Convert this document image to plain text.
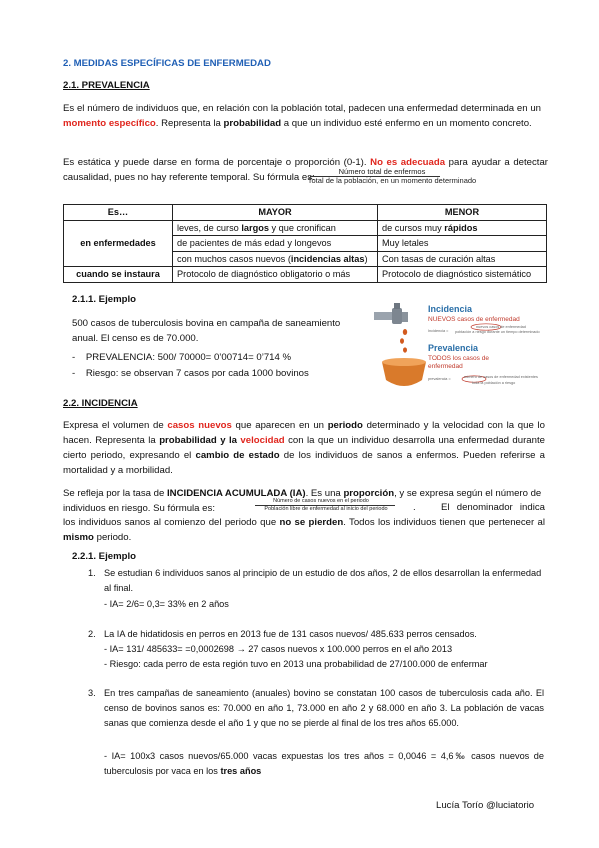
2. MEDIDAS ESPECÍFICAS DE ENFERMEDAD
2.1. PREVALENCIA
Es el número de individuos que, en relación con la población total, padecen una enfermedad determinada en un momento específico. Representa la probabilidad a que un individuo esté enfermo en un momento concreto.
Es estática y puede darse en forma de porcentaje o proporción (0-1). No es adecuada para ayudar a detectar causalidad, pues no hay referente temporal. Su fórmula es:
Número total de enfermos
Total de la población, en un momento determinado
Es…	MAYOR	MENOR
en enfermedades	leves, de curso largos y que cronifican	de cursos muy rápidos
	de pacientes de más edad y longevos	Muy letales
	con muchos casos nuevos (incidencias altas)	Con tasas de curación altas
cuando se instaura	Protocolo de diagnóstico obligatorio o más	Protocolo de diagnóstico sistemático
2.1.1. Ejemplo
500 casos de tuberculosis bovina en campaña de saneamiento anual. El censo es de 70.000.
-    PREVALENCIA: 500/ 70000= 0’00714= 0’714 %
-    Riesgo: se observan 7 casos por cada 1000 bovinos
Incidencia
NUEVOS casos de enfermedad
Incidencia =
nuevos casos de enfermedad
población a riesgo durante un tiempo determinado
Prevalencia
TODOS los casos de
enfermedad
prevalencia =	número de casos de enfermedad existentes
toda la población a riesgo
2.2. INCIDENCIA
Expresa el volumen de casos nuevos que aparecen en un periodo determinado y la velocidad con la que lo hacen. Representa la probabilidad y la velocidad con la que un individuo desarrolla una enfermedad durante cierto periodo, expresando el cambio de estado de los individuos de sanos a enfermos. Pueden referirse a mortalidad y a morbilidad.
Se refleja por la tasa de INCIDENCIA ACUMULADA (IA). Es una proporción, y se expresa según el número de individuos en riesgo. Su fórmula es:
Número de casos nuevos en el periodo
Población libre de enfermedad al inicio del periodo	.	El denominador indica los individuos sanos al comienzo del periodo que no se pierden. Todos los individuos tienen que pertenecer al mismo periodo.
2.2.1. Ejemplo
1. Se estudian 6 individuos sanos al principio de un estudio de dos años, 2 de ellos desarrollan la enfermedad al final.
- IA= 2/6= 0,3= 33% en 2 años
2. La IA de hidatidosis en perros en 2013 fue de 131 casos nuevos/ 485.633 perros censados.
- IA= 131/ 485633= =0,0002698 → 27 casos nuevos x 100.000 perros en el año 2013
- Riesgo: cada perro de esta región tuvo en 2013 una probabilidad de 27/100.000 de enfermar
3. En tres campañas de saneamiento (anuales) bovino se constatan 100 casos de tuberculosis cada año. El censo de bovinos sanos es: 70.000 en año 1, 73.000 en año 2 y 68.000 en año 3. La población de vacas sanas que comienza desde el año 1 y que no se pierde al final de los tres años 65.000.
- IA= 100x3 casos nuevos/65.000 vacas expuestas los tres años = 0,0046 = 4,6‰ casos nuevos de tuberculosis por vaca en los tres años
Lucía Torío @luciatorio
